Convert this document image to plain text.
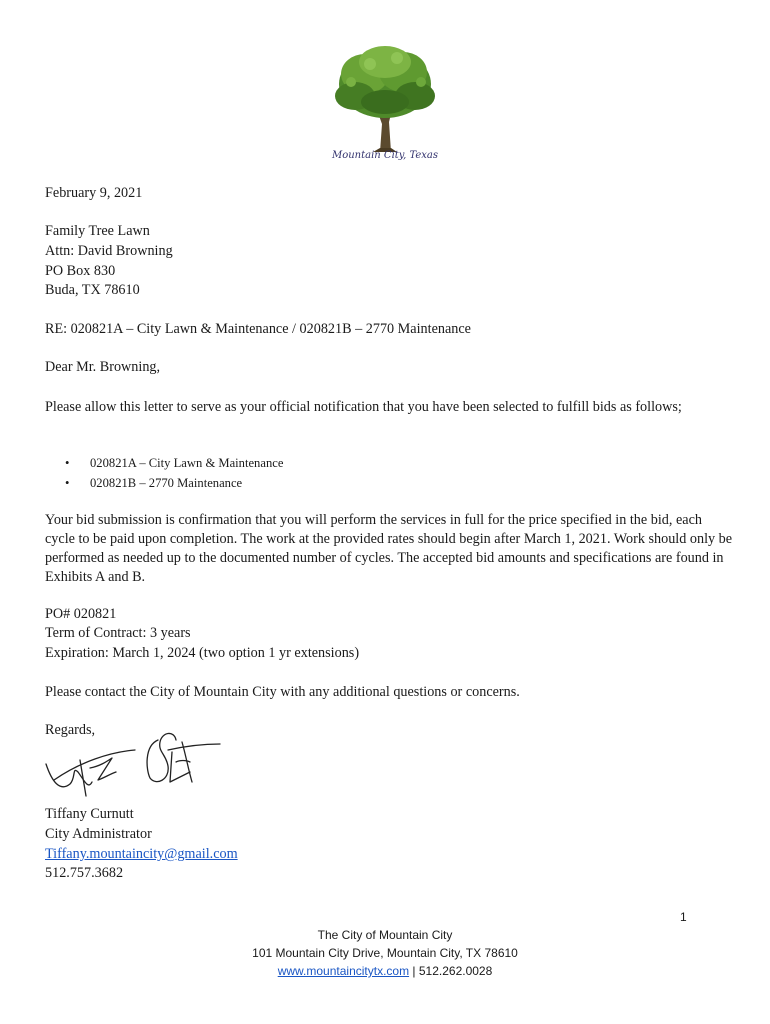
Mountain City, Texas
February 9, 2021
Family Tree Lawn
Attn: David Browning
PO Box 830
Buda, TX 78610
RE: 020821A – City Lawn & Maintenance / 020821B – 2770 Maintenance
Dear Mr. Browning,
Please allow this letter to serve as your official notification that you have been selected to fulfill bids as follows;
• 020821A – City Lawn & Maintenance
• 020821B – 2770 Maintenance
Your bid submission is confirmation that you will perform the services in full for the price specified in the bid, each cycle to be paid upon completion. The work at the provided rates should begin after March 1, 2021. Work should only be performed as needed up to the documented number of cycles. The accepted bid amounts and specifications are found in Exhibits A and B.
PO# 020821
Term of Contract: 3 years
Expiration: March 1, 2024 (two option 1 yr extensions)
Please contact the City of Mountain City with any additional questions or concerns.
Regards,
Tiffany Curnutt
City Administrator
Tiffany.mountaincity@gmail.com
512.757.3682
1
The City of Mountain City
101 Mountain City Drive, Mountain City, TX 78610
www.mountaincitytx.com | 512.262.0028
